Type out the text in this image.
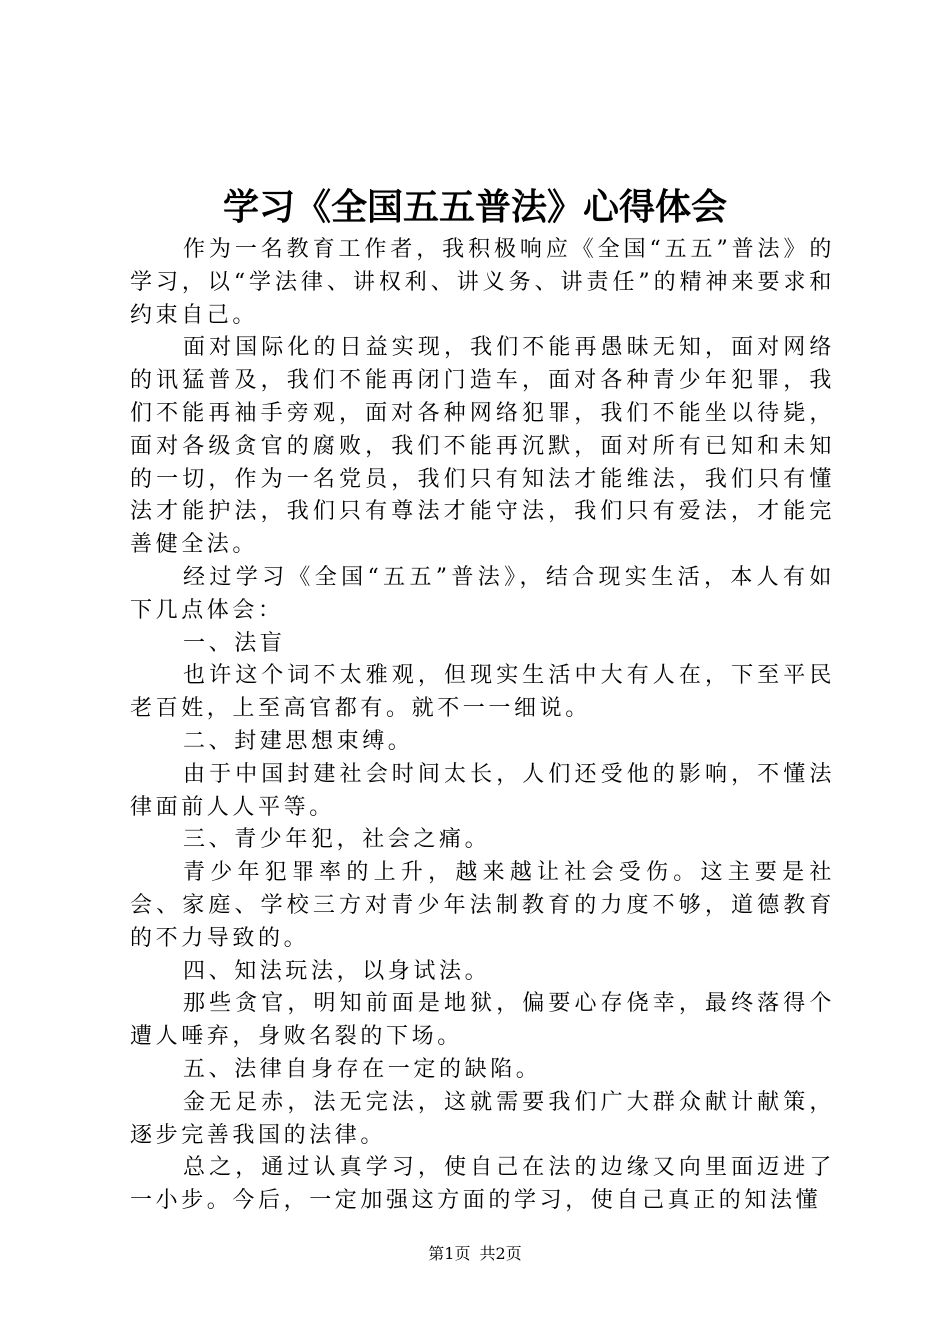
学习《全国五五普法》心得体会

作为一名教育工作者，我积极响应《全国“五五”普法》的学习，以“学法律、讲权利、讲义务、讲责任”的精神来要求和约束自己。

面对国际化的日益实现，我们不能再愚昧无知，面对网络的讯猛普及，我们不能再闭门造车，面对各种青少年犯罪，我们不能再袖手旁观，面对各种网络犯罪，我们不能坐以待毙，面对各级贪官的腐败，我们不能再沉默，面对所有已知和未知的一切，作为一名党员，我们只有知法才能维法，我们只有懂法才能护法，我们只有尊法才能守法，我们只有爱法，才能完善健全法。

经过学习《全国“五五”普法》，结合现实生活，本人有如下几点体会：

一、法盲

也许这个词不太雅观，但现实生活中大有人在，下至平民老百姓，上至高官都有。就不一一细说。

二、封建思想束缚。

由于中国封建社会时间太长，人们还受他的影响，不懂法律面前人人平等。

三、青少年犯，社会之痛。

青少年犯罪率的上升，越来越让社会受伤。这主要是社会、家庭、学校三方对青少年法制教育的力度不够，道德教育的不力导致的。

四、知法玩法，以身试法。

那些贪官，明知前面是地狱，偏要心存侥幸，最终落得个遭人唾弃，身败名裂的下场。

五、法律自身存在一定的缺陷。

金无足赤，法无完法，这就需要我们广大群众献计献策，逐步完善我国的法律。

总之，通过认真学习，使自己在法的边缘又向里面迈进了一小步。今后，一定加强这方面的学习，使自己真正的知法懂

第1页 共2页
